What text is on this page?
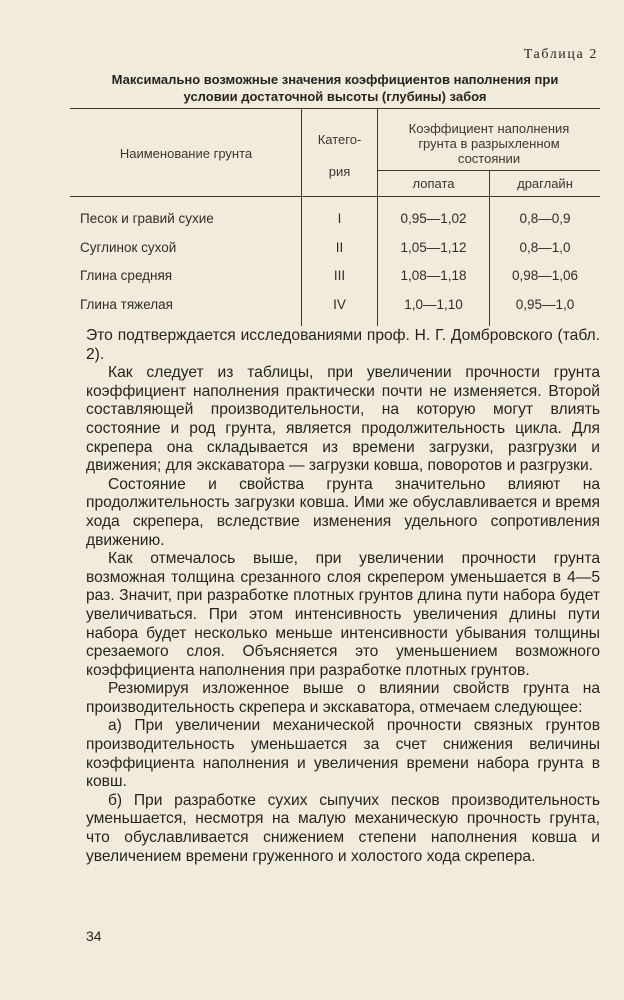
Таблица 2
Максимально возможные значения коэффициентов наполнения при
условии достаточной высоты (глубины) забоя
Наименование грунта
Катего-
рия
Коэффициент наполнения
грунта в разрыхленном
состоянии
лопата	драглайн
Песок и гравий сухие	I	0,95—1,02	0,8—0,9
Суглинок сухой	II	1,05—1,12	0,8—1,0
Глина средняя	III	1,08—1,18	0,98—1,06
Глина тяжелая	IV	1,0—1,10	0,95—1,0

Это подтверждается исследованиями проф. Н. Г. Домбровского (табл. 2).

Как следует из таблицы, при увеличении прочности грунта коэффициент наполнения практически почти не изменяется. Второй составляющей производительности, на которую могут влиять состояние и род грунта, является продолжительность цикла. Для скрепера она складывается из времени загрузки, разгрузки и движения; для экскаватора — загрузки ковша, поворотов и разгрузки.

Состояние и свойства грунта значительно влияют на продолжительность загрузки ковша. Ими же обуславливается и время хода скрепера, вследствие изменения удельного сопротивления движению.

Как отмечалось выше, при увеличении прочности грунта возможная толщина срезанного слоя скрепером уменьшается в 4—5 раз. Значит, при разработке плотных грунтов длина пути набора будет увеличиваться. При этом интенсивность увеличения длины пути набора будет несколько меньше интенсивности убывания толщины срезаемого слоя. Объясняется это уменьшением возможного коэффициента наполнения при разработке плотных грунтов.

Резюмируя изложенное выше о влиянии свойств грунта на производительность скрепера и экскаватора, отмечаем следующее:

а) При увеличении механической прочности связных грунтов производительность уменьшается за счет снижения величины коэффициента наполнения и увеличения времени набора грунта в ковш.

б) При разработке сухих сыпучих песков производительность уменьшается, несмотря на малую механическую прочность грунта, что обуславливается снижением степени наполнения ковша и увеличением времени груженного и холостого хода скрепера.

34
